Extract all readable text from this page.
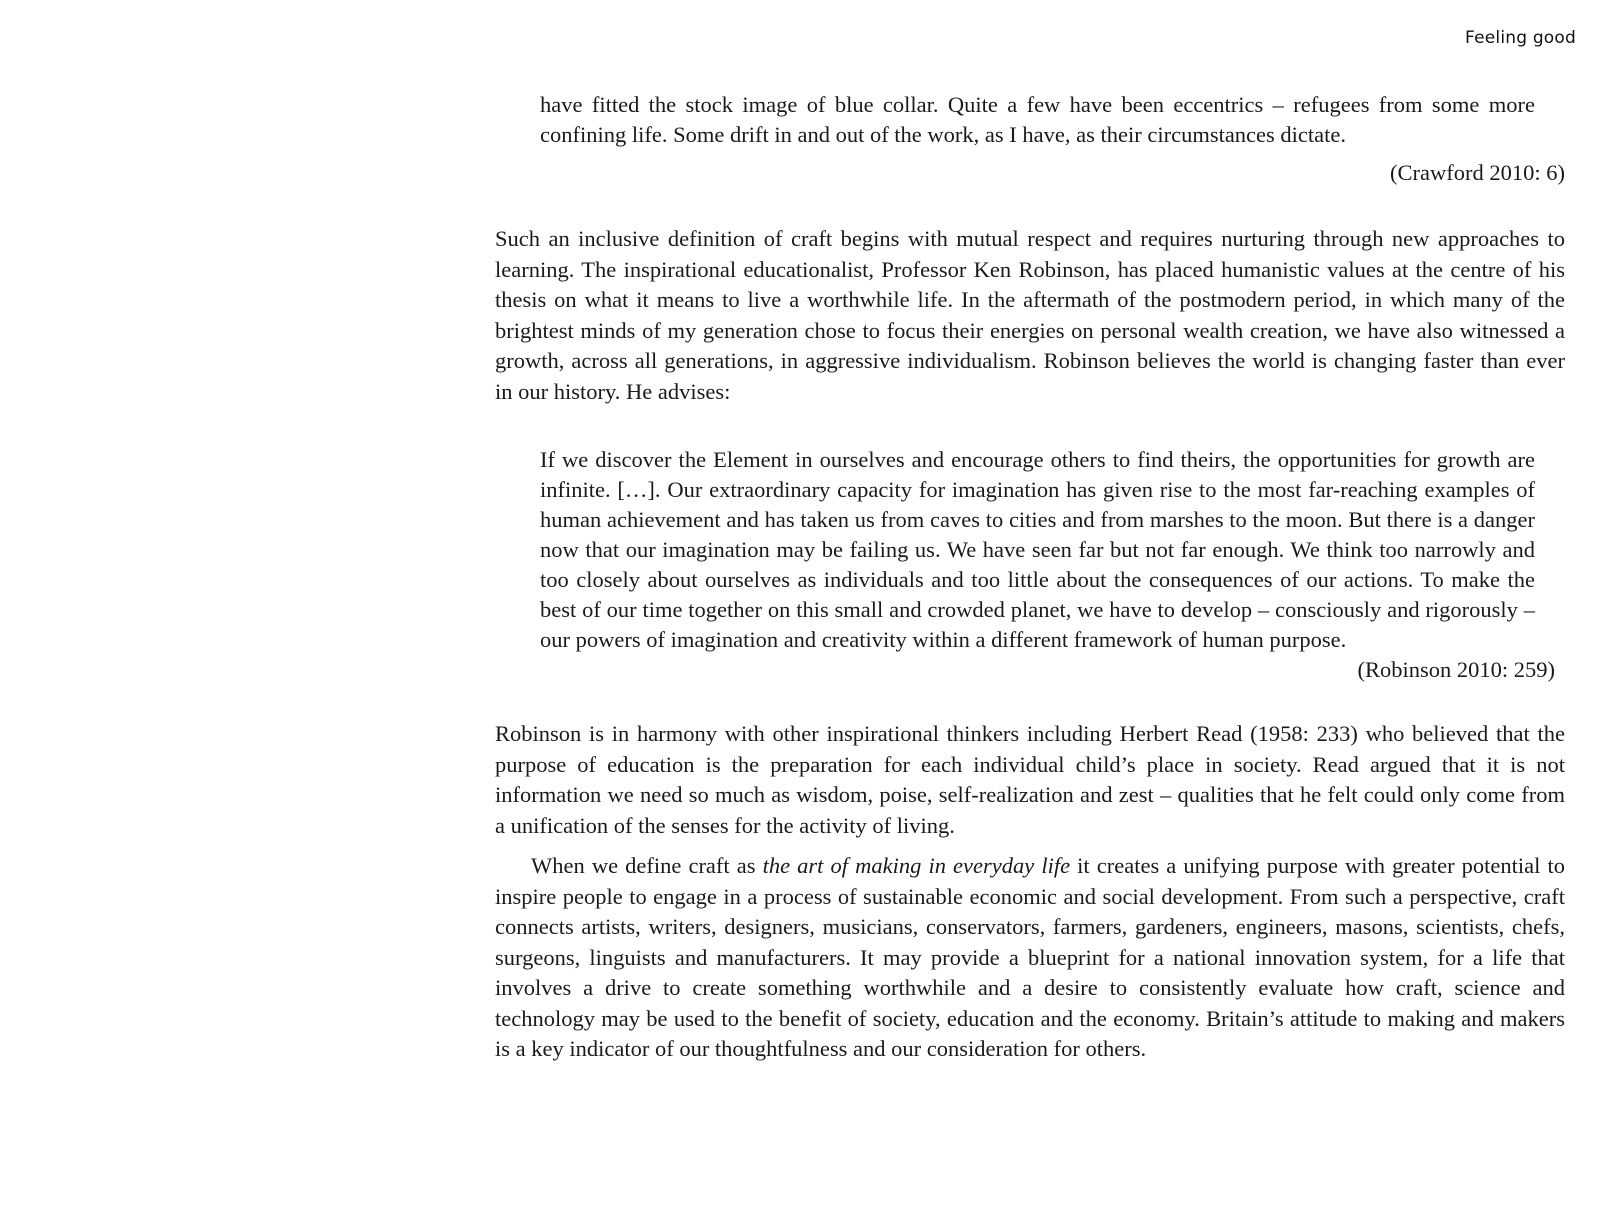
Feeling good
have fitted the stock image of blue collar. Quite a few have been eccentrics – refugees from some more confining life. Some drift in and out of the work, as I have, as their circumstances dictate.
(Crawford 2010: 6)

Such an inclusive definition of craft begins with mutual respect and requires nurturing through new approaches to learning. The inspirational educationalist, Professor Ken Robinson, has placed humanistic values at the centre of his thesis on what it means to live a worthwhile life. In the aftermath of the postmodern period, in which many of the brightest minds of my generation chose to focus their energies on personal wealth creation, we have also witnessed a growth, across all generations, in aggressive individualism. Robinson believes the world is changing faster than ever in our history. He advises:

If we discover the Element in ourselves and encourage others to find theirs, the opportunities for growth are infinite. […]. Our extraordinary capacity for imagination has given rise to the most far-reaching examples of human achievement and has taken us from caves to cities and from marshes to the moon. But there is a danger now that our imagination may be failing us. We have seen far but not far enough. We think too narrowly and too closely about ourselves as individuals and too little about the consequences of our actions. To make the best of our time together on this small and crowded planet, we have to develop – consciously and rigorously – our powers of imagination and creativity within a different framework of human purpose.
(Robinson 2010: 259)

Robinson is in harmony with other inspirational thinkers including Herbert Read (1958: 233) who believed that the purpose of education is the preparation for each individual child’s place in society. Read argued that it is not information we need so much as wisdom, poise, self-realization and zest – qualities that he felt could only come from a unification of the senses for the activity of living.

When we define craft as the art of making in everyday life it creates a unifying purpose with greater potential to inspire people to engage in a process of sustainable economic and social development. From such a perspective, craft connects artists, writers, designers, musicians, conservators, farmers, gardeners, engineers, masons, scientists, chefs, surgeons, linguists and manufacturers. It may provide a blueprint for a national innovation system, for a life that involves a drive to create something worthwhile and a desire to consistently evaluate how craft, science and technology may be used to the benefit of society, education and the economy. Britain’s attitude to making and makers is a key indicator of our thoughtfulness and our consideration for others.
